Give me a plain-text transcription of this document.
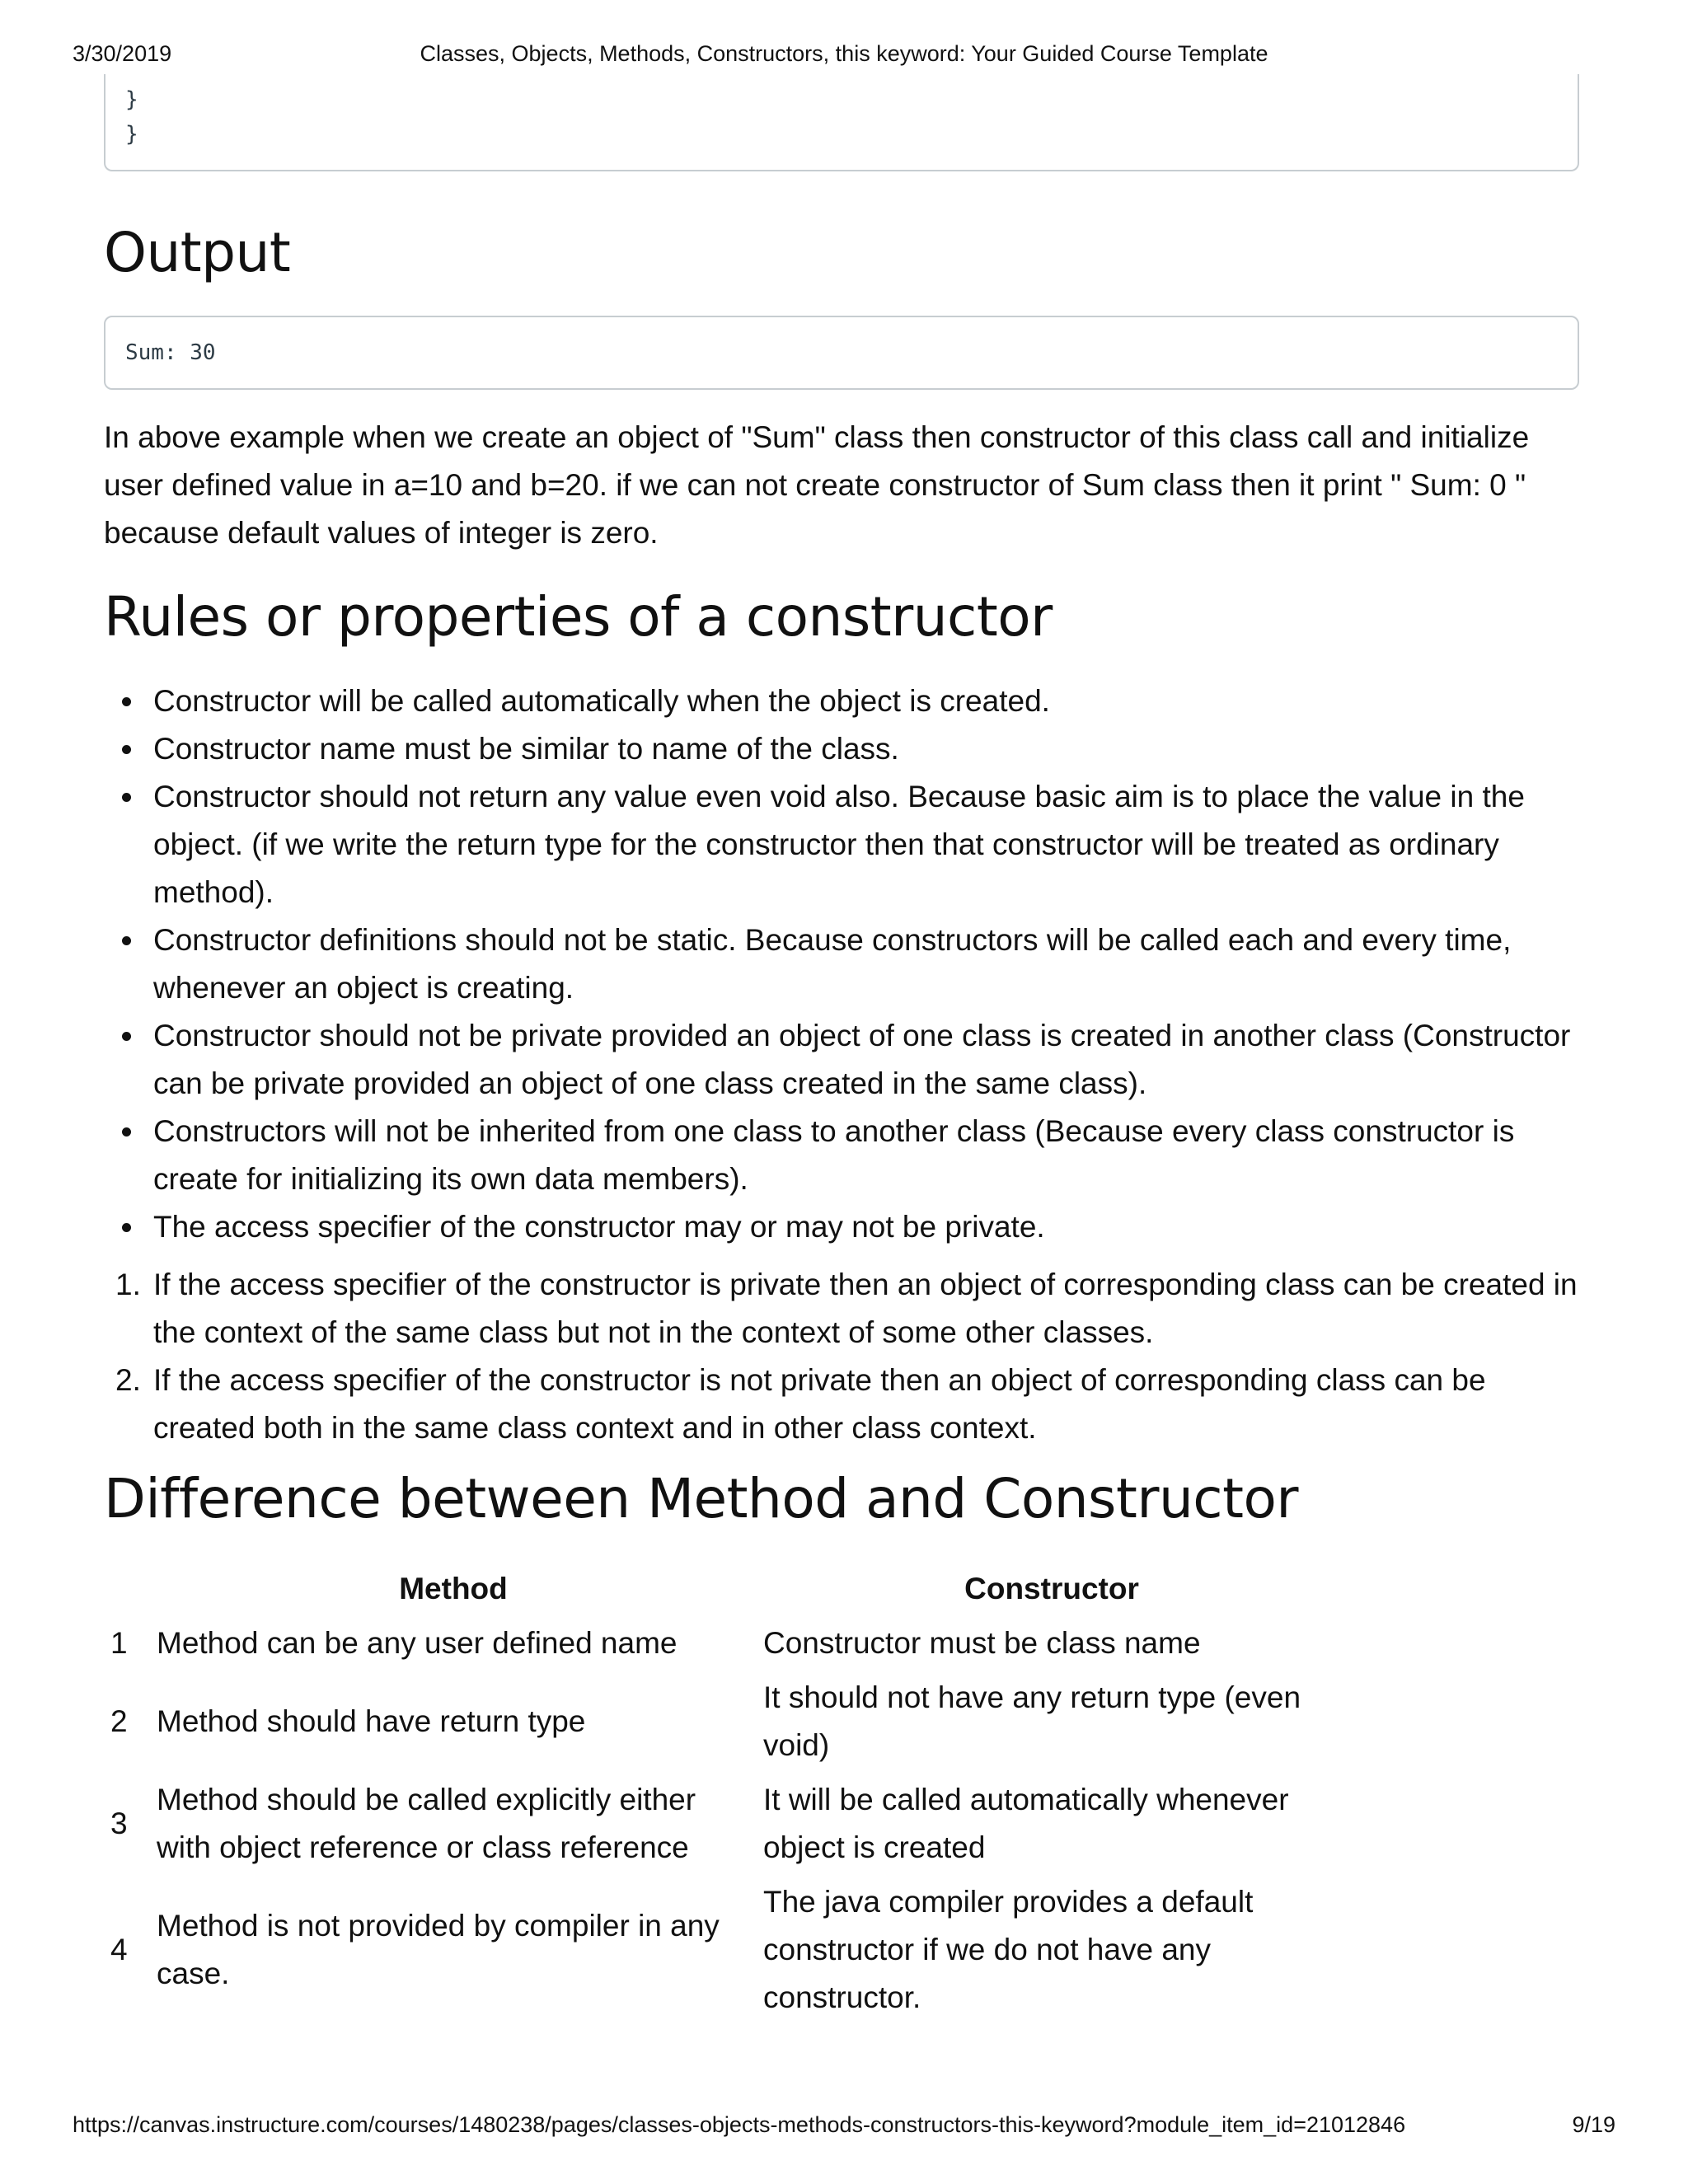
3/30/2019	Classes, Objects, Methods, Constructors, this keyword: Your Guided Course Template
}
}
Output
Sum: 30

In above example when we create an object of "Sum" class then constructor of this class call and initialize user defined value in a=10 and b=20. if we can not create constructor of Sum class then it print " Sum: 0 " because default values of integer is zero.

Rules or properties of a constructor
Constructor will be called automatically when the object is created.
Constructor name must be similar to name of the class.
Constructor should not return any value even void also. Because basic aim is to place the value in the object. (if we write the return type for the constructor then that constructor will be treated as ordinary method).
Constructor definitions should not be static. Because constructors will be called each and every time, whenever an object is creating.
Constructor should not be private provided an object of one class is created in another class (Constructor can be private provided an object of one class created in the same class).
Constructors will not be inherited from one class to another class (Because every class constructor is create for initializing its own data members).
The access specifier of the constructor may or may not be private.
1. If the access specifier of the constructor is private then an object of corresponding class can be created in the context of the same class but not in the context of some other classes.
2. If the access specifier of the constructor is not private then an object of corresponding class can be created both in the same class context and in other class context.
Difference between Method and Constructor
	Method	Constructor
1	Method can be any user defined name	Constructor must be class name
2	Method should have return type	It should not have any return type (even void)
3	Method should be called explicitly either with object reference or class reference	It will be called automatically whenever object is created
4	Method is not provided by compiler in any case.	The java compiler provides a default constructor if we do not have any constructor.
https://canvas.instructure.com/courses/1480238/pages/classes-objects-methods-constructors-this-keyword?module_item_id=21012846	9/19
